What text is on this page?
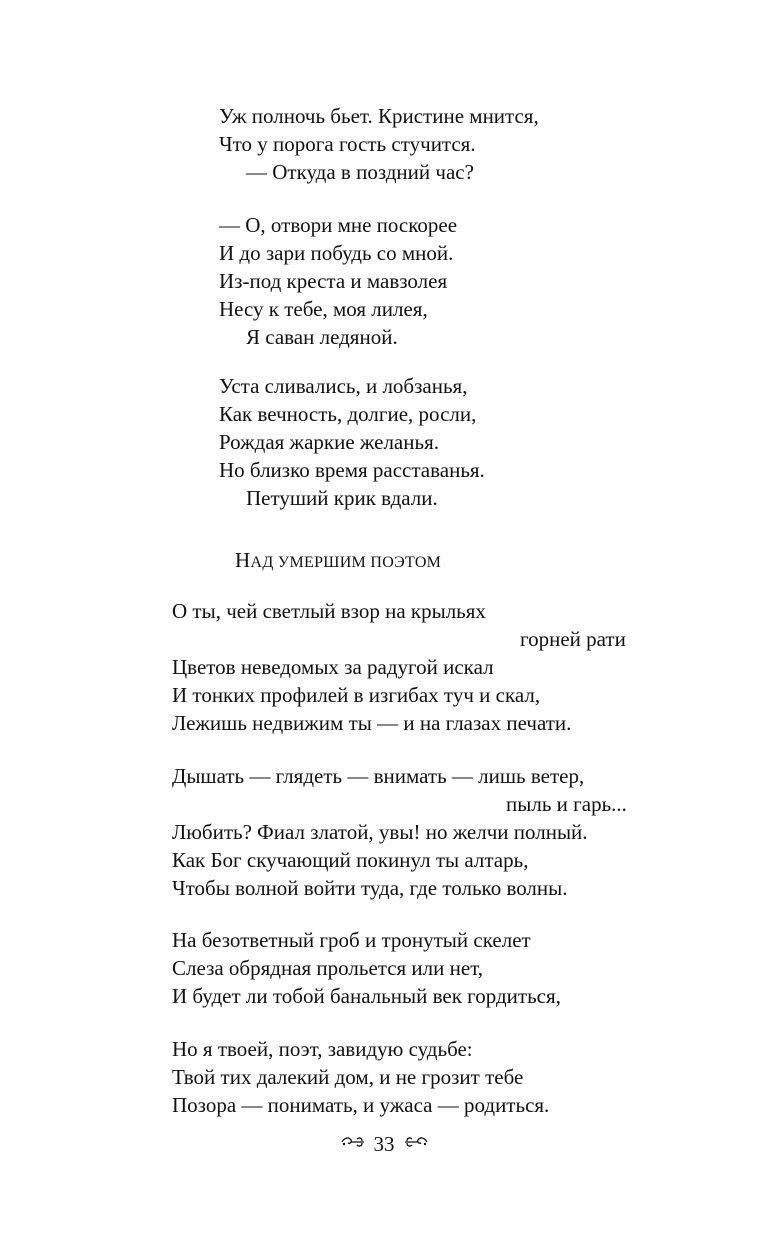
Уж полночь бьет. Кристине мнится,
Что у порога гость стучится.
— Откуда в поздний час?
— О, отвори мне поскорее
И до зари побудь со мной.
Из-под креста и мавзолея
Несу к тебе, моя лилея,
Я саван ледяной.
Уста сливались, и лобзанья,
Как вечность, долгие, росли,
Рождая жаркие желанья.
Но близко время расставанья.
Петуший крик вдали.
НАД УМЕРШИМ ПОЭТОМ
О ты, чей светлый взор на крыльях
горней рати
Цветов неведомых за радугой искал
И тонких профилей в изгибах туч и скал,
Лежишь недвижим ты — и на глазах печати.
Дышать — глядеть — внимать — лишь ветер,
пыль и гарь...
Любить? Фиал златой, увы! но желчи полный.
Как Бог скучающий покинул ты алтарь,
Чтобы волной войти туда, где только волны.
На безответный гроб и тронутый скелет
Слеза обрядная прольется или нет,
И будет ли тобой банальный век гордиться,
Но я твоей, поэт, завидую судьбе:
Твой тих далекий дом, и не грозит тебе
Позора — понимать, и ужаса — родиться.
33
